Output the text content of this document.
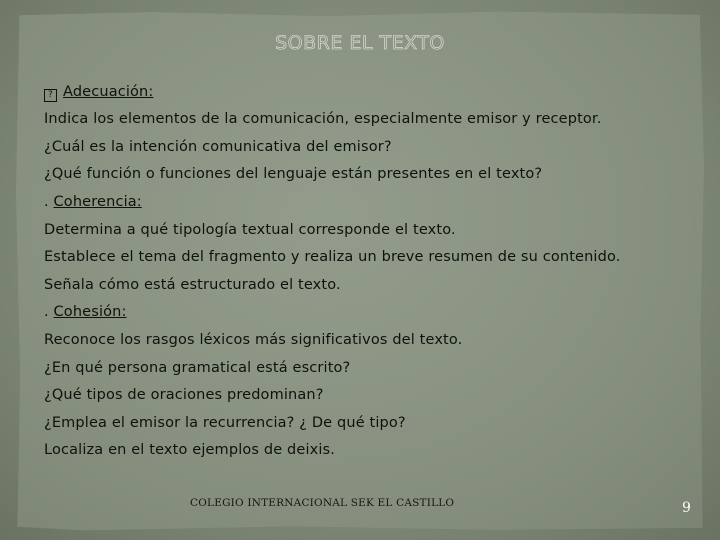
SOBRE EL TEXTO
? Adecuación:
Indica los elementos de la comunicación, especialmente emisor y receptor.
¿Cuál es la intención comunicativa del emisor?
¿Qué función o funciones del lenguaje están presentes en el texto?
. Coherencia:
Determina a qué tipología textual corresponde el texto.
Establece el tema del fragmento y realiza un breve resumen de su contenido.
Señala cómo está estructurado el texto.
. Cohesión:
Reconoce los rasgos léxicos más significativos del texto.
¿En qué persona gramatical está escrito?
¿Qué tipos de oraciones predominan?
¿Emplea el emisor la recurrencia? ¿ De qué tipo?
Localiza en el texto ejemplos de deixis.
COLEGIO INTERNACIONAL SEK EL CASTILLO	9
